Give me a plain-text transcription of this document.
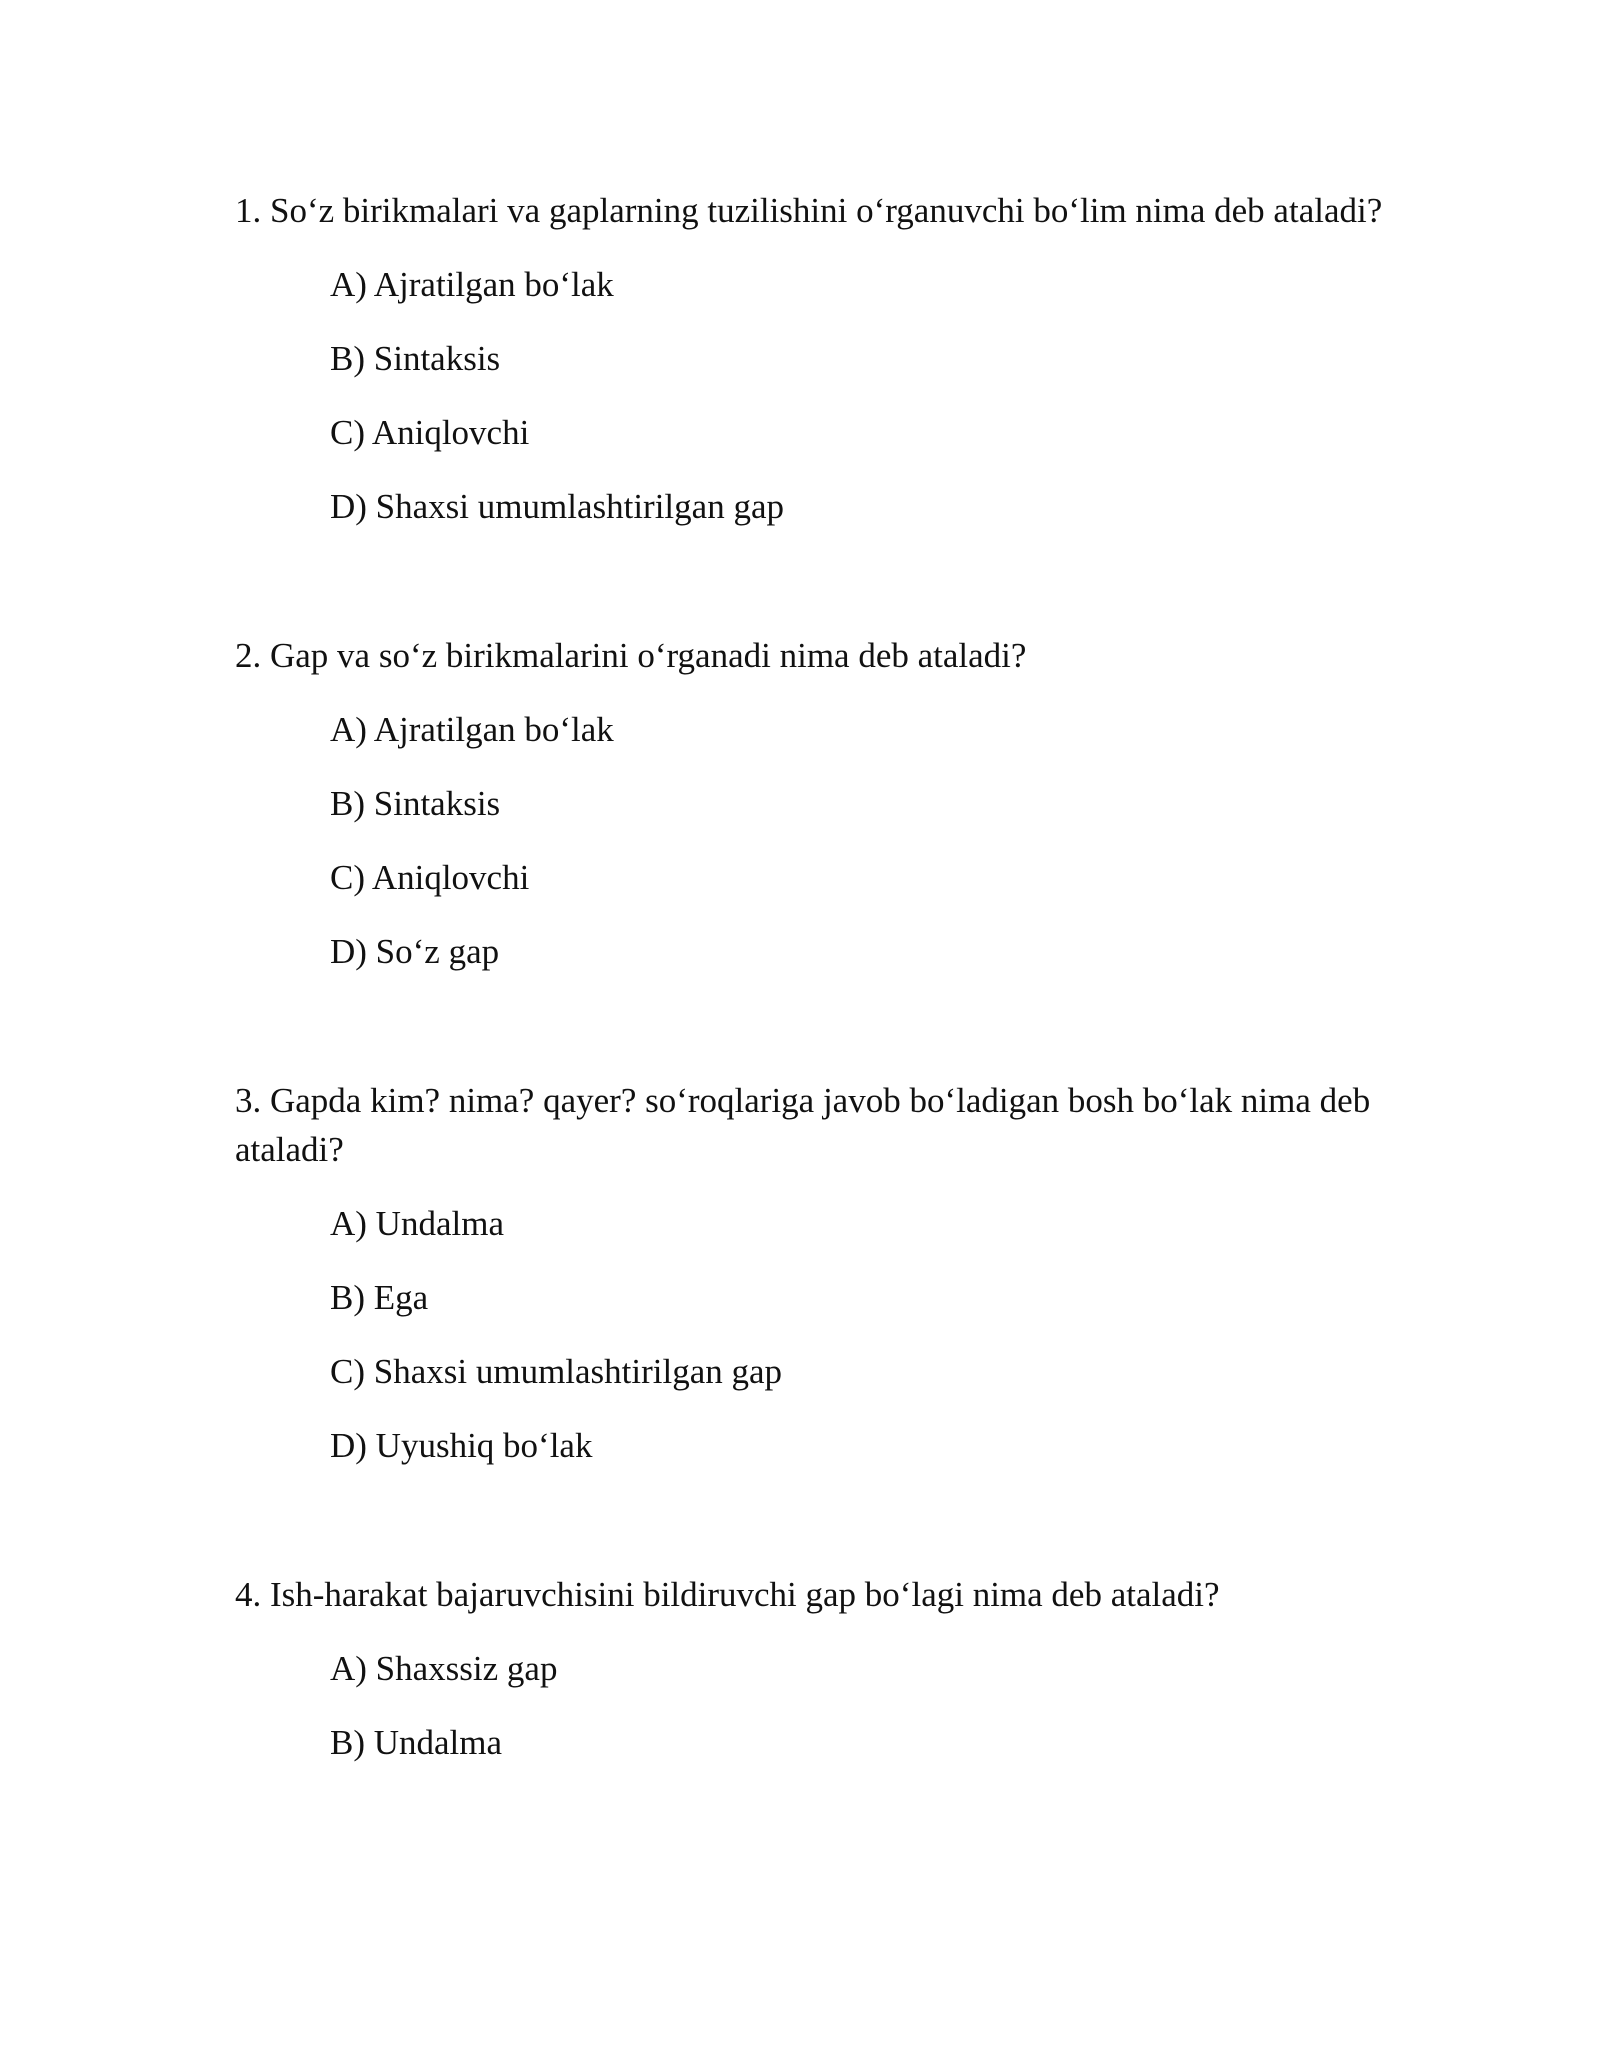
1. So‘z birikmalari va gaplarning tuzilishini o‘rganuvchi bo‘lim nima deb ataladi?

A) Ajratilgan bo‘lak
B) Sintaksis
C) Aniqlovchi
D) Shaxsi umumlashtirilgan gap

2. Gap va so‘z birikmalarini o‘rganadi nima deb ataladi?

A) Ajratilgan bo‘lak
B) Sintaksis
C) Aniqlovchi
D) So‘z gap

3. Gapda kim? nima? qayer? so‘roqlariga javob bo‘ladigan bosh bo‘lak nima deb ataladi?

A) Undalma
B) Ega
C) Shaxsi umumlashtirilgan gap
D) Uyushiq bo‘lak

4. Ish-harakat bajaruvchisini bildiruvchi gap bo‘lagi nima deb ataladi?

A) Shaxssiz gap
B) Undalma
